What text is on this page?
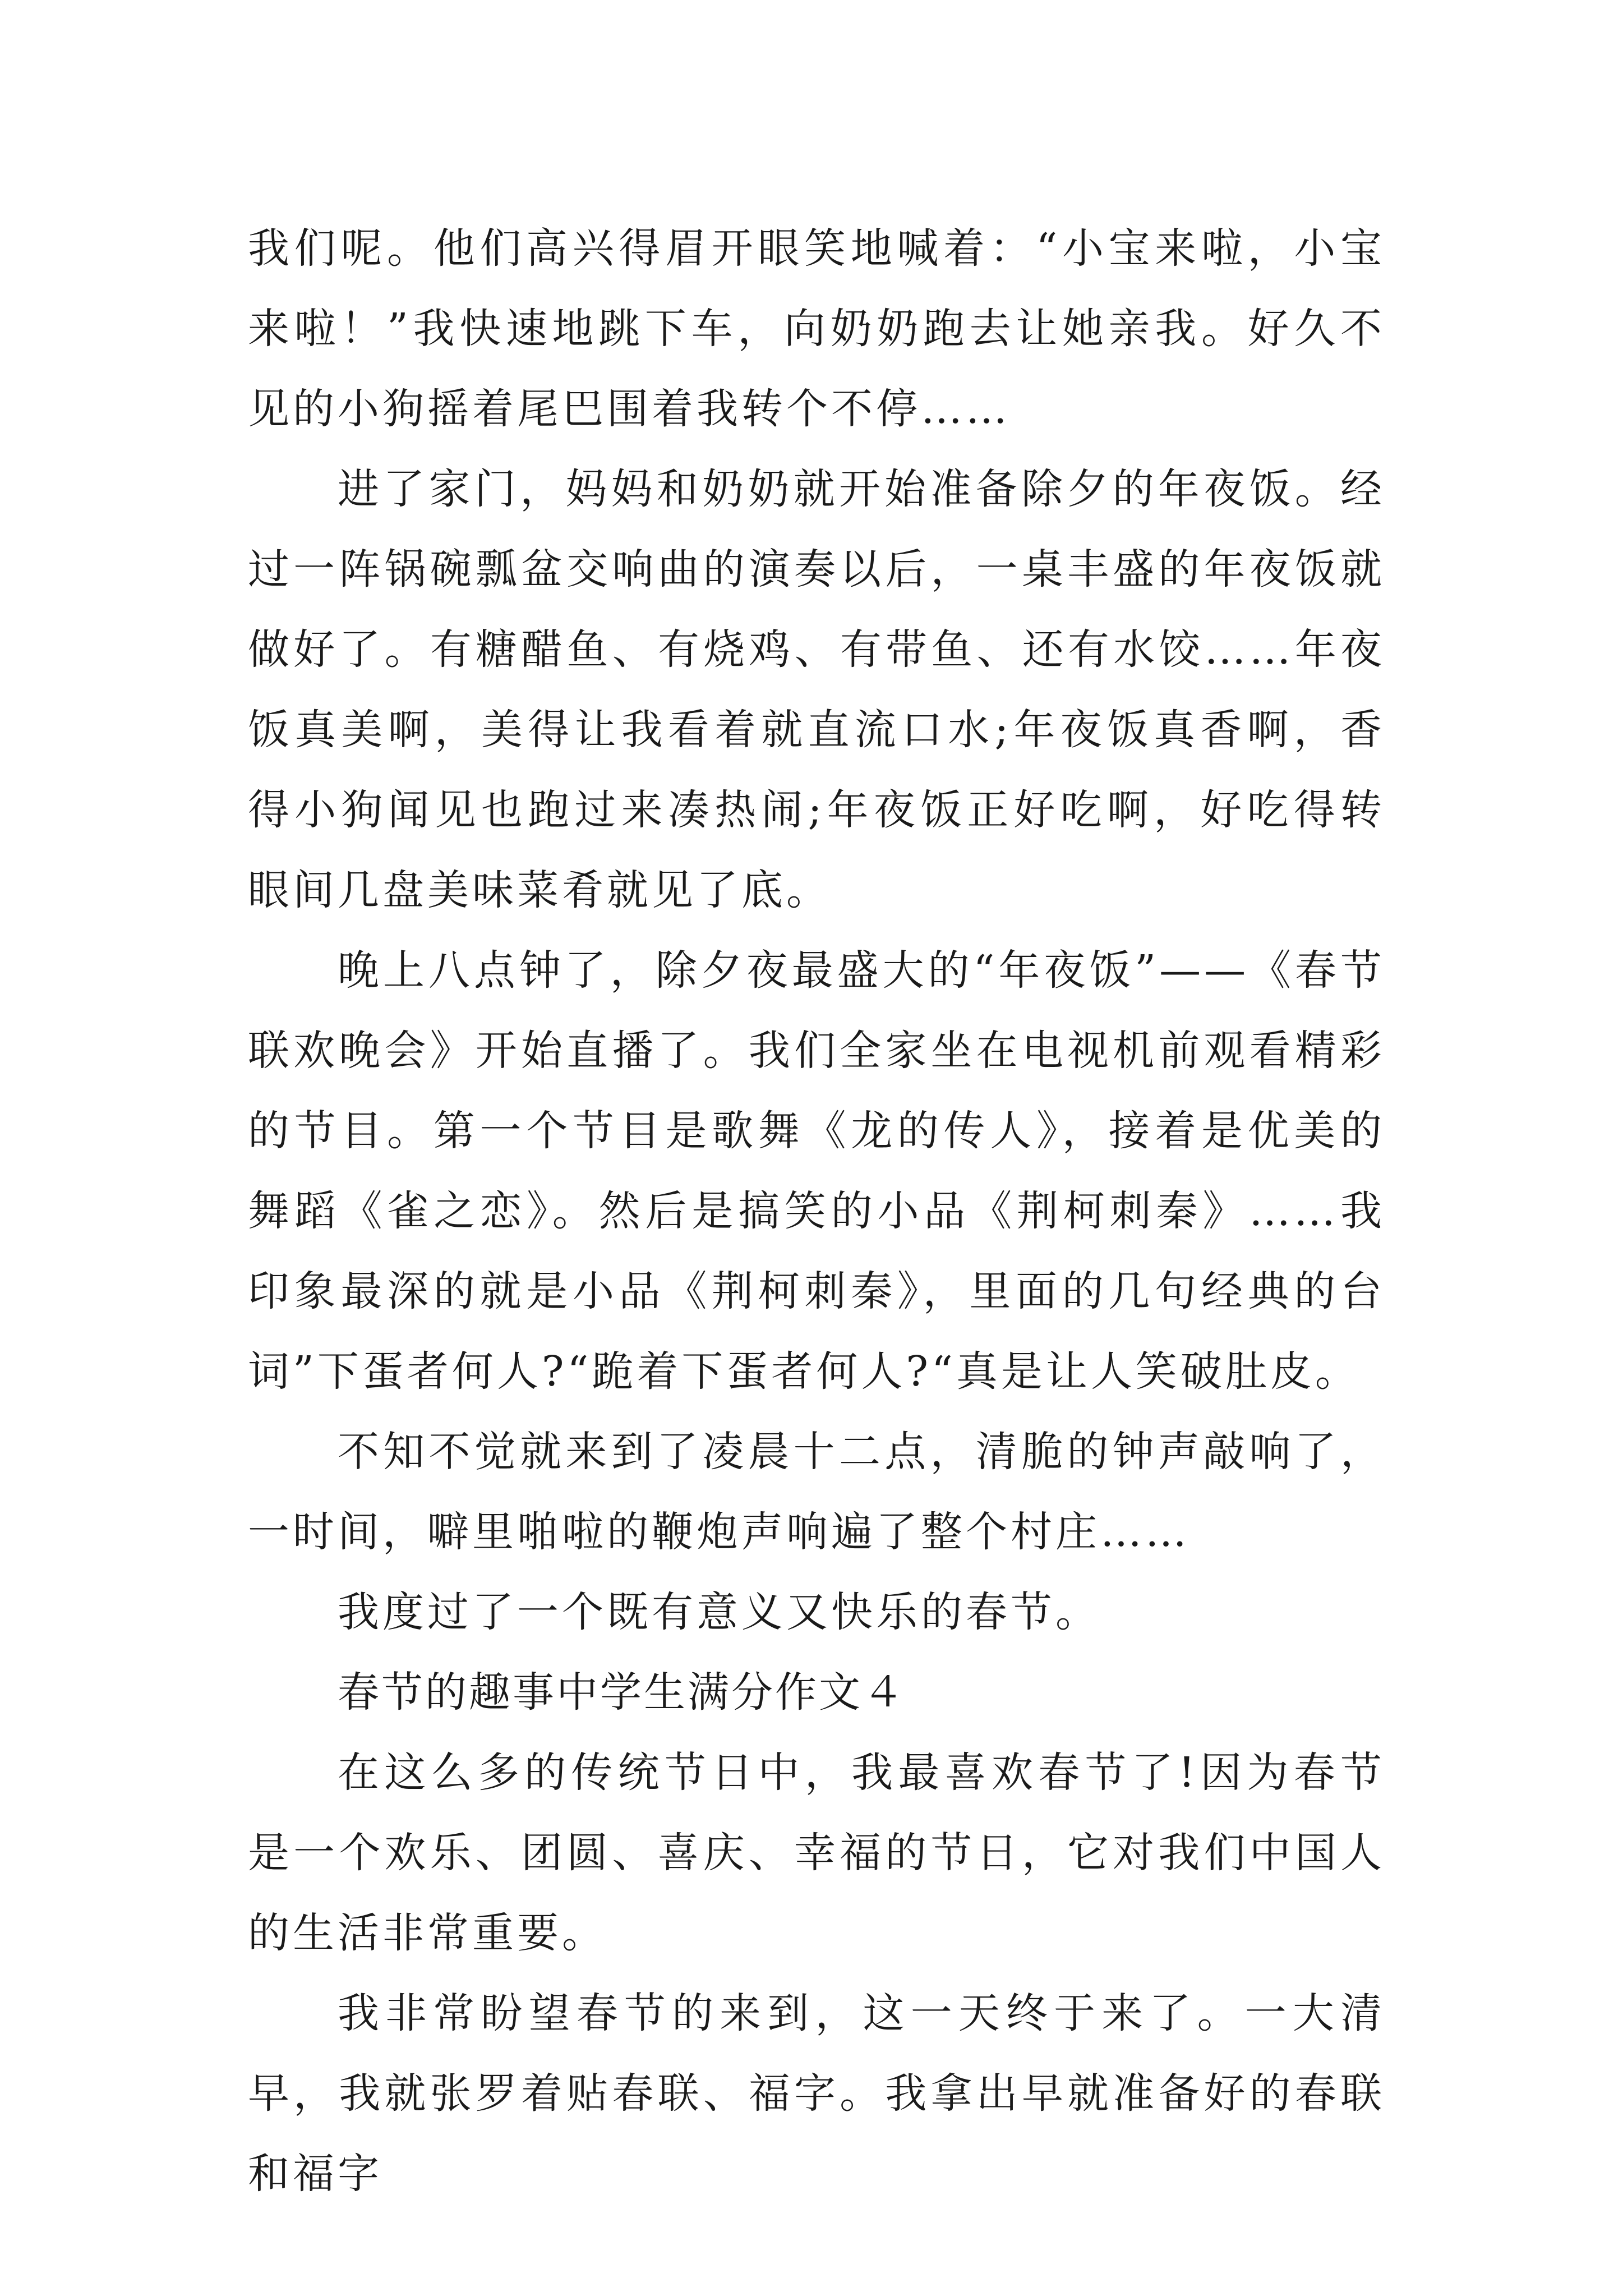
我们呢。他们高兴得眉开眼笑地喊着：“小宝来啦，小宝来啦！”我快速地跳下车，向奶奶跑去让她亲我。好久不见的小狗摇着尾巴围着我转个不停……

进了家门，妈妈和奶奶就开始准备除夕的年夜饭。经过一阵锅碗瓢盆交响曲的演奏以后，一桌丰盛的年夜饭就做好了。有糖醋鱼、有烧鸡、有带鱼、还有水饺……年夜饭真美啊，美得让我看着就直流口水;年夜饭真香啊，香得小狗闻见也跑过来凑热闹;年夜饭正好吃啊，好吃得转眼间几盘美味菜肴就见了底。

晚上八点钟了，除夕夜最盛大的“年夜饭”——《春节联欢晚会》开始直播了。我们全家坐在电视机前观看精彩的节目。第一个节目是歌舞《龙的传人》，接着是优美的舞蹈《雀之恋》。然后是搞笑的小品《荆柯刺秦》……我印象最深的就是小品《荆柯刺秦》，里面的几句经典的台词”下蛋者何人?“跪着下蛋者何人?“真是让人笑破肚皮。

不知不觉就来到了凌晨十二点，清脆的钟声敲响了，一时间，噼里啪啦的鞭炮声响遍了整个村庄……

我度过了一个既有意义又快乐的春节。

春节的趣事中学生满分作文４

在这么多的传统节日中，我最喜欢春节了!因为春节是一个欢乐、团圆、喜庆、幸福的节日，它对我们中国人的生活非常重要。

我非常盼望春节的来到，这一天终于来了。一大清早，我就张罗着贴春联、福字。我拿出早就准备好的春联和福字
